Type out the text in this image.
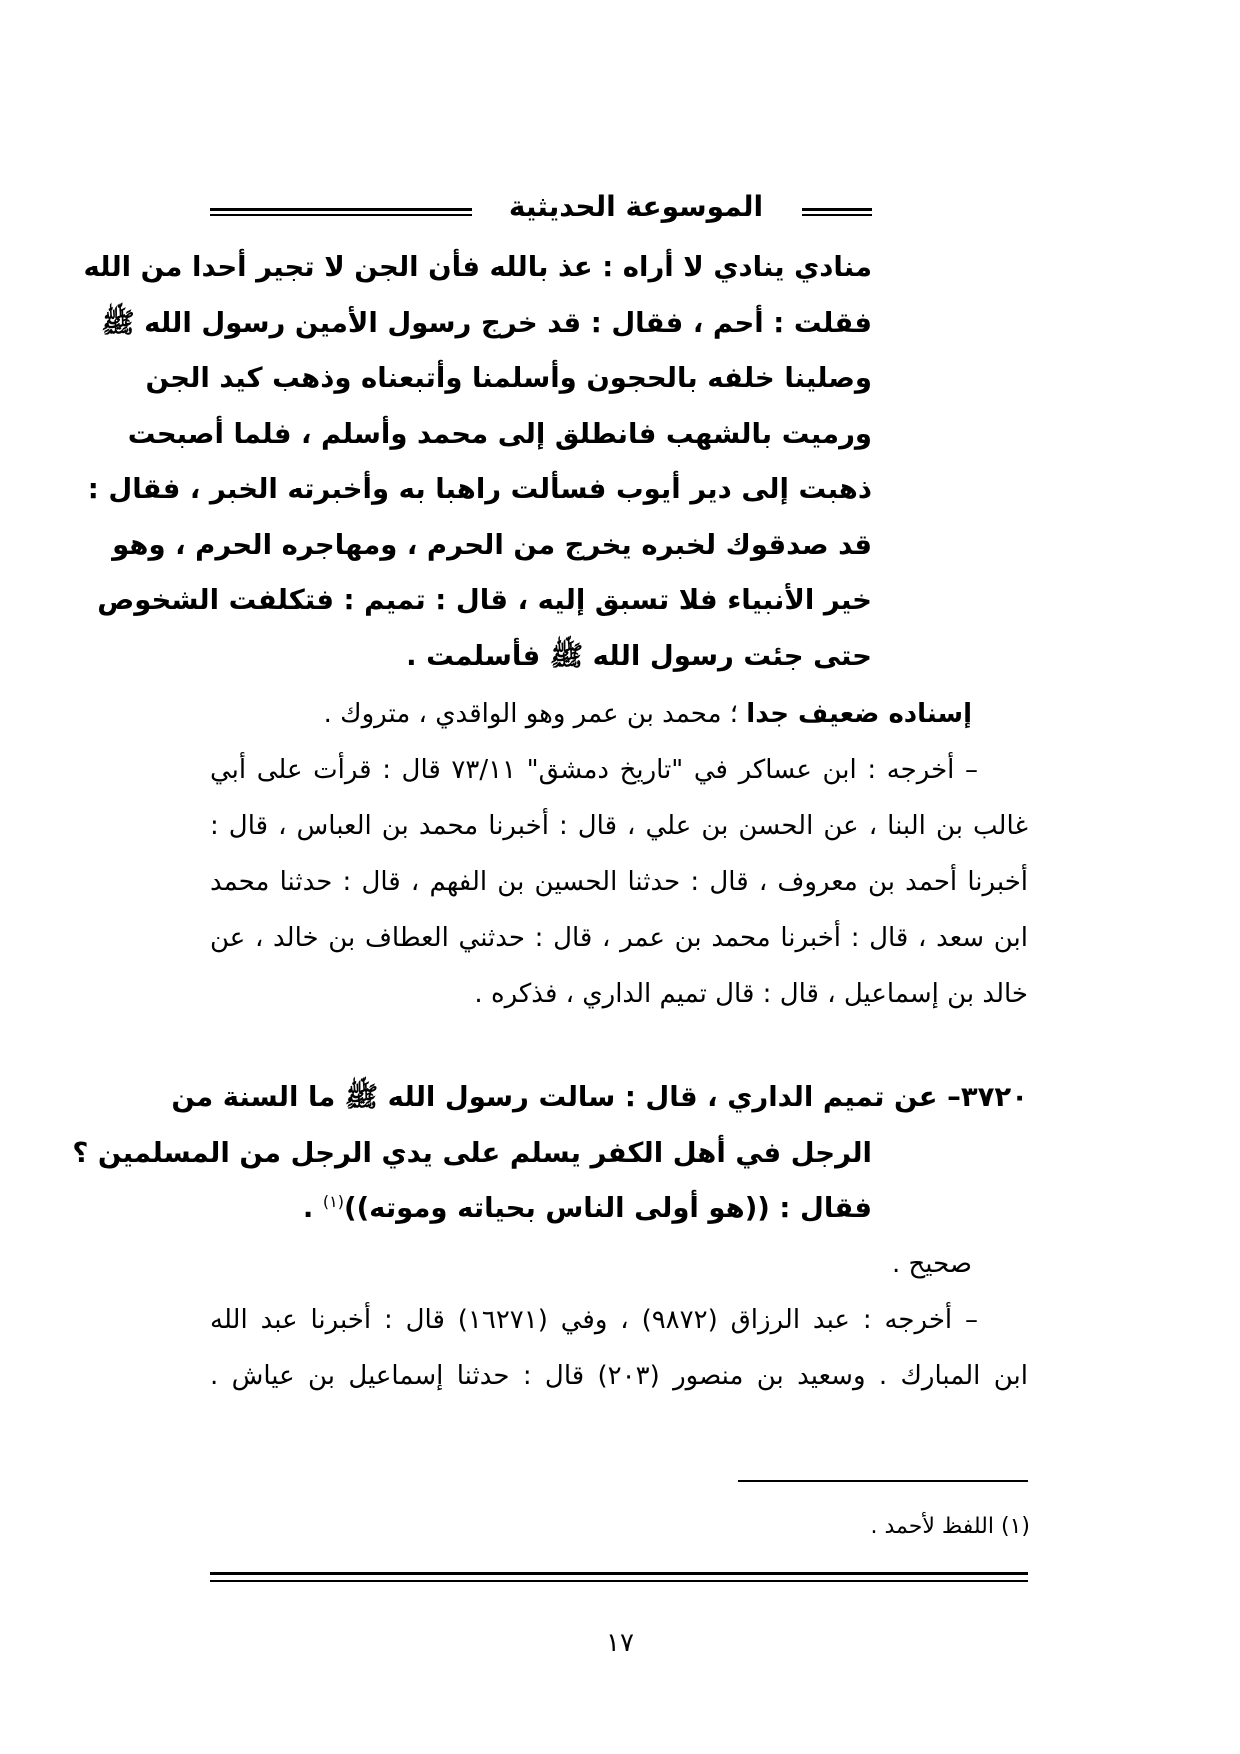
الموسوعة الحديثية
منادي ينادي لا أراه : عذ بالله فأن الجن لا تجير أحدا من الله
فقلت : أحم ، فقال : قد خرج رسول الأمين رسول الله ﷺ
وصلينا خلفه بالحجون وأسلمنا وأتبعناه وذهب كيد الجن
ورميت بالشهب فانطلق إلى محمد وأسلم ، فلما أصبحت
ذهبت إلى دير أيوب فسألت راهبا به وأخبرته الخبر ، فقال :
قد صدقوك لخبره يخرج من الحرم ، ومهاجره الحرم ، وهو
خير الأنبياء فلا تسبق إليه ، قال : تميم : فتكلفت الشخوص
حتى جئت رسول الله ﷺ فأسلمت .
إسناده ضعيف جدا ؛ محمد بن عمر وهو الواقدي ، متروك .
– أخرجه : ابن عساكر في "تاريخ دمشق" ٧٣/١١ قال : قرأت على أبي
غالب بن البنا ، عن الحسن بن علي ، قال : أخبرنا محمد بن العباس ، قال :
أخبرنا أحمد بن معروف ، قال : حدثنا الحسين بن الفهم ، قال : حدثنا محمد
ابن سعد ، قال : أخبرنا محمد بن عمر ، قال : حدثني العطاف بن خالد ، عن
خالد بن إسماعيل ، قال : قال تميم الداري ، فذكره .
٣٧٢٠– عن تميم الداري ، قال : سالت رسول الله ﷺ ما السنة من
الرجل في أهل الكفر يسلم على يدي الرجل من المسلمين ؟
فقال : ((هو أولى الناس بحياته وموته))$^{(١)}$ .
صحيح .
– أخرجه : عبد الرزاق (٩٨٧٢) ، وفي (١٦٢٧١) قال : أخبرنا عبد الله
ابن المبارك . وسعيد بن منصور (٢٠٣) قال : حدثنا إسماعيل بن عياش .
(١) اللفظ لأحمد .
١٧
